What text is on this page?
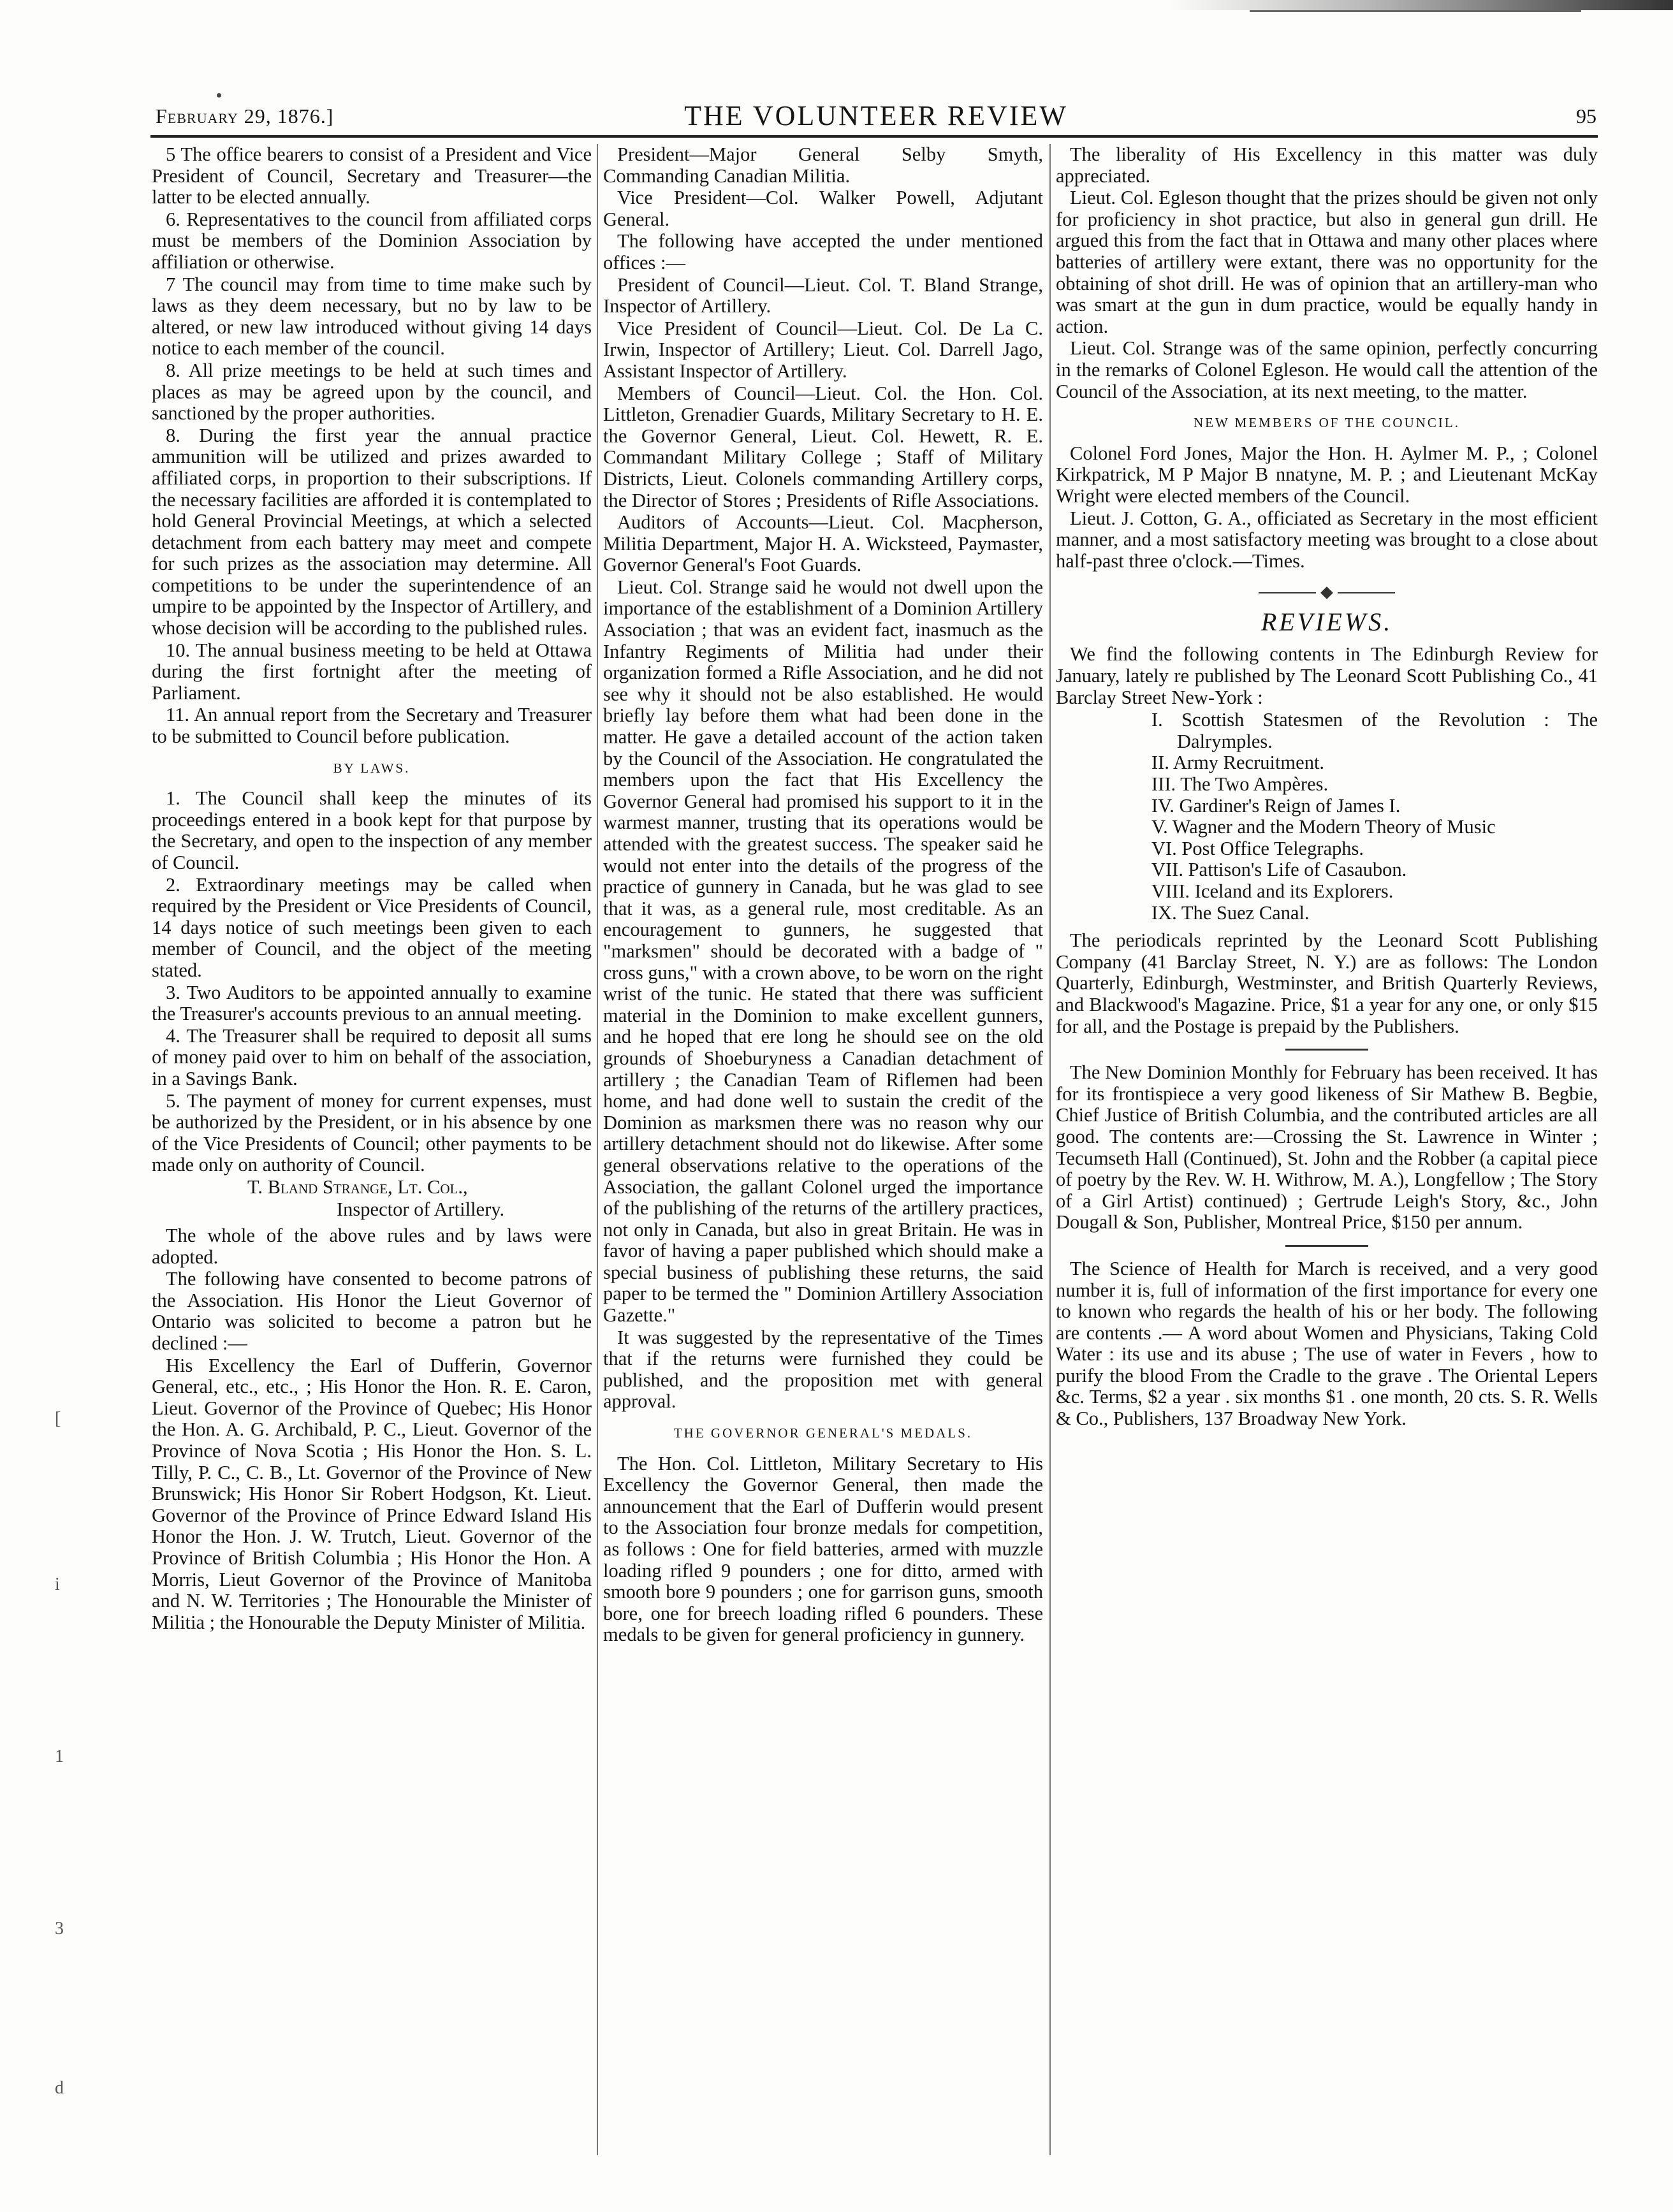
February 29, 1876.]	THE VOLUNTEER REVIEW	95
[
i
1
3
d

5 The office bearers to consist of a President and Vice President of Council, Secretary and Treasurer—the latter to be elected annually.

6. Representatives to the council from affiliated corps must be members of the Dominion Association by affiliation or otherwise.

7 The council may from time to time make such by laws as they deem necessary, but no by law to be altered, or new law introduced without giving 14 days notice to each member of the council.

8. All prize meetings to be held at such times and places as may be agreed upon by the council, and sanctioned by the proper authorities.

8. During the first year the annual practice ammunition will be utilized and prizes awarded to affiliated corps, in proportion to their subscriptions. If the necessary facilities are afforded it is contemplated to hold General Provincial Meetings, at which a selected detachment from each battery may meet and compete for such prizes as the association may determine. All competitions to be under the superintendence of an umpire to be appointed by the Inspector of Artillery, and whose decision will be according to the published rules.

10. The annual business meeting to be held at Ottawa during the first fortnight after the meeting of Parliament.

11. An annual report from the Secretary and Treasurer to be submitted to Council before publication.

BY LAWS.

1. The Council shall keep the minutes of its proceedings entered in a book kept for that purpose by the Secretary, and open to the inspection of any member of Council.

2. Extraordinary meetings may be called when required by the President or Vice Presidents of Council, 14 days notice of such meetings been given to each member of Council, and the object of the meeting stated.

3. Two Auditors to be appointed annually to examine the Treasurer's accounts previous to an annual meeting.

4. The Treasurer shall be required to deposit all sums of money paid over to him on behalf of the association, in a Savings Bank.

5. The payment of money for current expenses, must be authorized by the President, or in his absence by one of the Vice Presidents of Council; other payments to be made only on authority of Council.

T. Bland Strange, Lt. Col.,

Inspector of Artillery.

The whole of the above rules and by laws were adopted.

The following have consented to become patrons of the Association. His Honor the Lieut Governor of Ontario was solicited to become a patron but he declined :—

His Excellency the Earl of Dufferin, Governor General, etc., etc., ; His Honor the Hon. R. E. Caron, Lieut. Governor of the Province of Quebec; His Honor the Hon. A. G. Archibald, P. C., Lieut. Governor of the Province of Nova Scotia ; His Honor the Hon. S. L. Tilly, P. C., C. B., Lt. Governor of the Province of New Brunswick; His Honor Sir Robert Hodgson, Kt. Lieut. Governor of the Province of Prince Edward Island His Honor the Hon. J. W. Trutch, Lieut. Governor of the Province of British Columbia ; His Honor the Hon. A Morris, Lieut Governor of the Province of Manitoba and N. W. Territories ; The Honourable the Minister of Militia ; the Honourable the Deputy Minister of Militia.

President—Major General Selby Smyth, Commanding Canadian Militia.

Vice President—Col. Walker Powell, Adjutant General.

The following have accepted the under mentioned offices :—

President of Council—Lieut. Col. T. Bland Strange, Inspector of Artillery.

Vice President of Council—Lieut. Col. De La C. Irwin, Inspector of Artillery; Lieut. Col. Darrell Jago, Assistant Inspector of Artillery.

Members of Council—Lieut. Col. the Hon. Col. Littleton, Grenadier Guards, Military Secretary to H. E. the Governor General, Lieut. Col. Hewett, R. E. Commandant Military College ; Staff of Military Districts, Lieut. Colonels commanding Artillery corps, the Director of Stores ; Presidents of Rifle Associations.

Auditors of Accounts—Lieut. Col. Macpherson, Militia Department, Major H. A. Wicksteed, Paymaster, Governor General's Foot Guards.

Lieut. Col. Strange said he would not dwell upon the importance of the establishment of a Dominion Artillery Association ; that was an evident fact, inasmuch as the Infantry Regiments of Militia had under their organization formed a Rifle Association, and he did not see why it should not be also established. He would briefly lay before them what had been done in the matter. He gave a detailed account of the action taken by the Council of the Association. He congratulated the members upon the fact that His Excellency the Governor General had promised his support to it in the warmest manner, trusting that its operations would be attended with the greatest success. The speaker said he would not enter into the details of the progress of the practice of gunnery in Canada, but he was glad to see that it was, as a general rule, most creditable. As an encouragement to gunners, he suggested that "marksmen" should be decorated with a badge of " cross guns," with a crown above, to be worn on the right wrist of the tunic. He stated that there was sufficient material in the Dominion to make excellent gunners, and he hoped that ere long he should see on the old grounds of Shoeburyness a Canadian detachment of artillery ; the Canadian Team of Riflemen had been home, and had done well to sustain the credit of the Dominion as marksmen there was no reason why our artillery detachment should not do likewise. After some general observations relative to the operations of the Association, the gallant Colonel urged the importance of the publishing of the returns of the artillery practices, not only in Canada, but also in great Britain. He was in favor of having a paper published which should make a special business of publishing these returns, the said paper to be termed the " Dominion Artillery Association Gazette."

It was suggested by the representative of the Times that if the returns were furnished they could be published, and the proposition met with general approval.

THE GOVERNOR GENERAL'S MEDALS.

The Hon. Col. Littleton, Military Secretary to His Excellency the Governor General, then made the announcement that the Earl of Dufferin would present to the Association four bronze medals for competition, as follows : One for field batteries, armed with muzzle loading rifled 9 pounders ; one for ditto, armed with smooth bore 9 pounders ; one for garrison guns, smooth bore, one for breech loading rifled 6 pounders. These medals to be given for general proficiency in gunnery.

The liberality of His Excellency in this matter was duly appreciated.

Lieut. Col. Egleson thought that the prizes should be given not only for proficiency in shot practice, but also in general gun drill. He argued this from the fact that in Ottawa and many other places where batteries of artillery were extant, there was no opportunity for the obtaining of shot drill. He was of opinion that an artillery-man who was smart at the gun in dum practice, would be equally handy in action.

Lieut. Col. Strange was of the same opinion, perfectly concurring in the remarks of Colonel Egleson. He would call the attention of the Council of the Association, at its next meeting, to the matter.

NEW MEMBERS OF THE COUNCIL.

Colonel Ford Jones, Major the Hon. H. Aylmer M. P., ; Colonel Kirkpatrick, M P Major B nnatyne, M. P. ; and Lieutenant McKay Wright were elected members of the Council.

Lieut. J. Cotton, G. A., officiated as Secretary in the most efficient manner, and a most satisfactory meeting was brought to a close about half-past three o'clock.—Times.

REVIEWS.

We find the following contents in The Edinburgh Review for January, lately re published by The Leonard Scott Publishing Co., 41 Barclay Street New-York :

I. Scottish Statesmen of the Revolution : The Dalrymples.
II. Army Recruitment.
III. The Two Ampères.
IV. Gardiner's Reign of James I.
V. Wagner and the Modern Theory of Music
VI. Post Office Telegraphs.
VII. Pattison's Life of Casaubon.
VIII. Iceland and its Explorers.
IX. The Suez Canal.

The periodicals reprinted by the Leonard Scott Publishing Company (41 Barclay Street, N. Y.) are as follows: The London Quarterly, Edinburgh, Westminster, and British Quarterly Reviews, and Blackwood's Magazine. Price, $1 a year for any one, or only $15 for all, and the Postage is prepaid by the Publishers.

The New Dominion Monthly for February has been received. It has for its frontispiece a very good likeness of Sir Mathew B. Begbie, Chief Justice of British Columbia, and the contributed articles are all good. The contents are:—Crossing the St. Lawrence in Winter ; Tecumseth Hall (Continued), St. John and the Robber (a capital piece of poetry by the Rev. W. H. Withrow, M. A.), Longfellow ; The Story of a Girl Artist) continued) ; Gertrude Leigh's Story, &c., John Dougall & Son, Publisher, Montreal Price, $150 per annum.

The Science of Health for March is received, and a very good number it is, full of information of the first importance for every one to known who regards the health of his or her body. The following are contents .— A word about Women and Physicians, Taking Cold Water : its use and its abuse ; The use of water in Fevers , how to purify the blood From the Cradle to the grave . The Oriental Lepers &c. Terms, $2 a year . six months $1 . one month, 20 cts. S. R. Wells & Co., Publishers, 137 Broadway New York.
